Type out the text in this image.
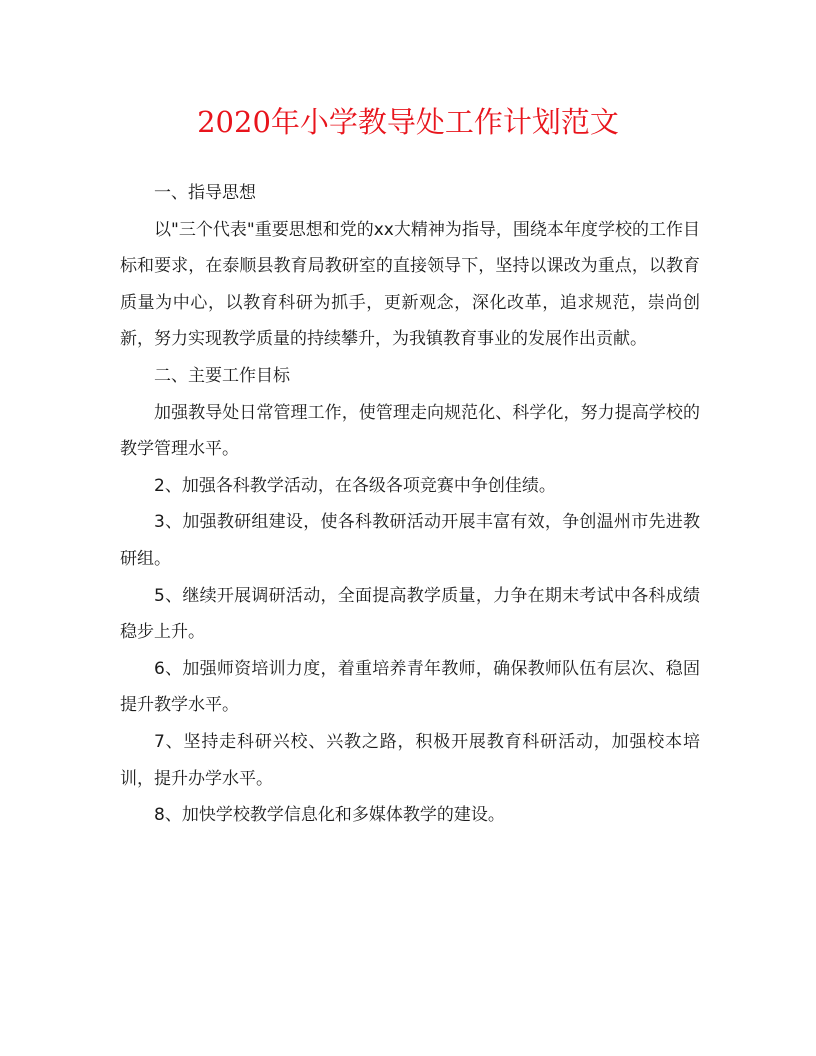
2020年小学教导处工作计划范文

一、指导思想

以"三个代表"重要思想和党的xx大精神为指导，围绕本年度学校的工作目标和要求，在泰顺县教育局教研室的直接领导下，坚持以课改为重点，以教育质量为中心，以教育科研为抓手，更新观念，深化改革，追求规范，崇尚创新，努力实现教学质量的持续攀升，为我镇教育事业的发展作出贡献。

二、主要工作目标

加强教导处日常管理工作，使管理走向规范化、科学化，努力提高学校的教学管理水平。

2、加强各科教学活动，在各级各项竞赛中争创佳绩。

3、加强教研组建设，使各科教研活动开展丰富有效，争创温州市先进教研组。

5、继续开展调研活动，全面提高教学质量，力争在期末考试中各科成绩稳步上升。

6、加强师资培训力度，着重培养青年教师，确保教师队伍有层次、稳固提升教学水平。

7、坚持走科研兴校、兴教之路，积极开展教育科研活动，加强校本培训，提升办学水平。

8、加快学校教学信息化和多媒体教学的建设。
